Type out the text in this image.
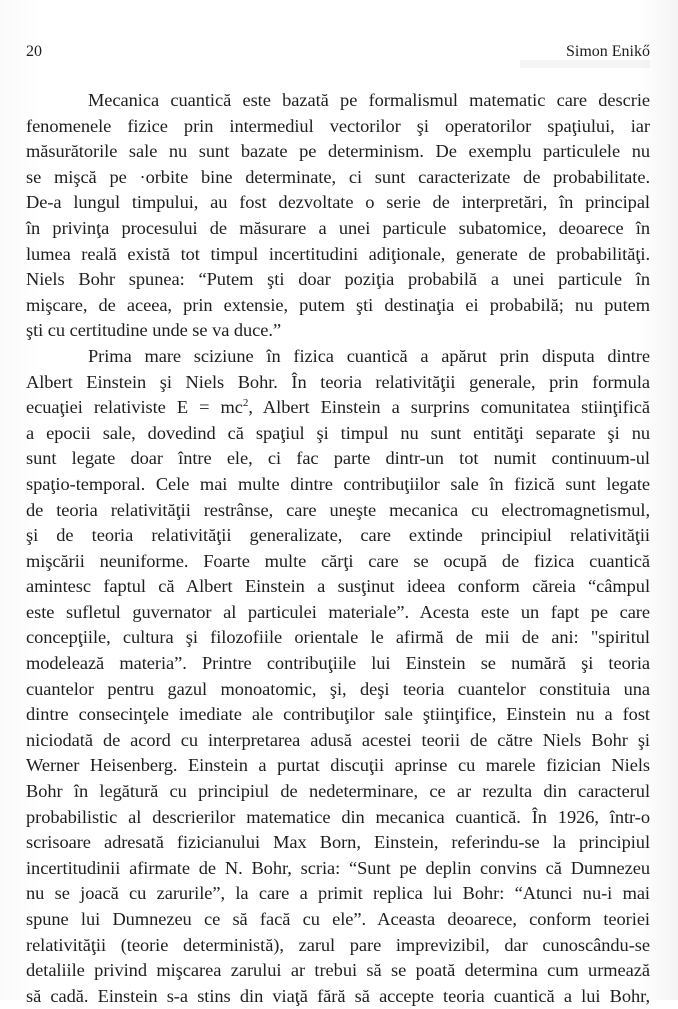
20	Simon Enikő

Mecanica cuantică este bazată pe formalismul matematic care descrie
fenomenele fizice prin intermediul vectorilor şi operatorilor spaţiului, iar
măsurătorile sale nu sunt bazate pe determinism. De exemplu particulele nu
se mişcă pe ·orbite bine determinate, ci sunt caracterizate de probabilitate.
De-a lungul timpului, au fost dezvoltate o serie de interpretări, în principal
în privinţa procesului de măsurare a unei particule subatomice, deoarece în
lumea reală există tot timpul incertitudini adiţionale, generate de probabilităţi.
Niels Bohr spunea: “Putem şti doar poziţia probabilă a unei particule în
mişcare, de aceea, prin extensie, putem şti destinaţia ei probabilă; nu putem
şti cu certitudine unde se va duce.”

Prima mare sciziune în fizica cuantică a apărut prin disputa dintre
Albert Einstein şi Niels Bohr. În teoria relativităţii generale, prin formula
ecuaţiei relativiste $E = mc^2$, Albert Einstein a surprins comunitatea stiinţifică
a epocii sale, dovedind că spaţiul şi timpul nu sunt entităţi separate şi nu
sunt legate doar între ele, ci fac parte dintr-un tot numit continuum-ul
spaţio-temporal. Cele mai multe dintre contribuţiilor sale în fizică sunt legate
de teoria relativităţii restrânse, care uneşte mecanica cu electromagnetismul,
şi de teoria relativităţii generalizate, care extinde principiul relativităţii
mişcării neuniforme. Foarte multe cărţi care se ocupă de fizica cuantică
amintesc faptul că Albert Einstein a susţinut ideea conform căreia “câmpul
este sufletul guvernator al particulei materiale”. Acesta este un fapt pe care
concepţiile, cultura şi filozofiile orientale le afirmă de mii de ani: "spiritul
modelează materia”. Printre contribuţiile lui Einstein se numără şi teoria
cuantelor pentru gazul monoatomic, şi, deşi teoria cuantelor constituia una
dintre consecinţele imediate ale contribuţilor sale ştiinţifice, Einstein nu a fost
niciodată de acord cu interpretarea adusă acestei teorii de către Niels Bohr şi
Werner Heisenberg. Einstein a purtat discuţii aprinse cu marele fizician Niels
Bohr în legătură cu principiul de nedeterminare, ce ar rezulta din caracterul
probabilistic al descrierilor matematice din mecanica cuantică. În 1926, într-o
scrisoare adresată fizicianului Max Born, Einstein, referindu-se la principiul
incertitudinii afirmate de N. Bohr, scria: “Sunt pe deplin convins că Dumnezeu
nu se joacă cu zarurile”, la care a primit replica lui Bohr: “Atunci nu-i mai
spune lui Dumnezeu ce să facă cu ele”. Aceasta deoarece, conform teoriei
relativităţii (teorie deterministă), zarul pare imprevizibil, dar cunoscându-se
detaliile privind mişcarea zarului ar trebui să se poată determina cum urmează
să cadă. Einstein s-a stins din viaţă fără să accepte teoria cuantică a lui Bohr,
